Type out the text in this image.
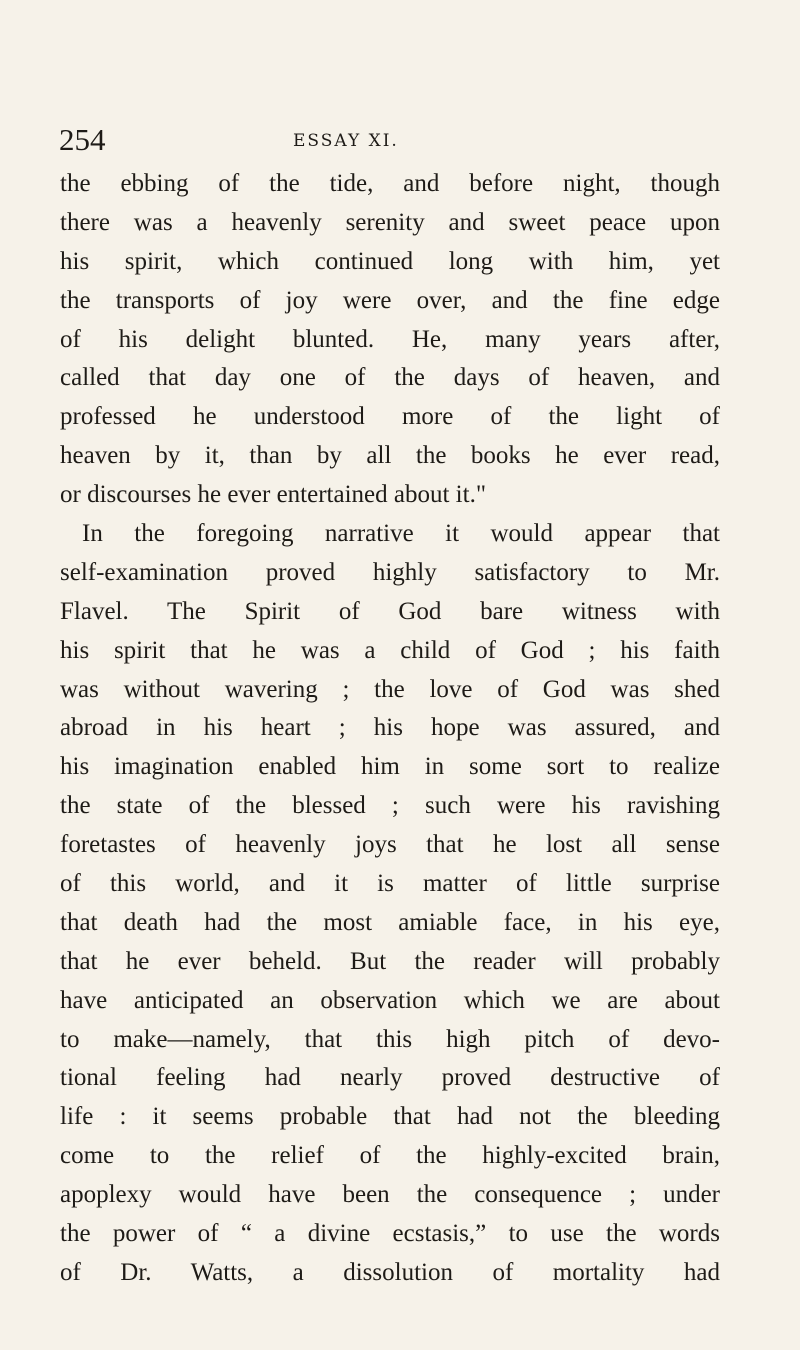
254	ESSAY XI.
the ebbing of the tide, and before night, though
there was a heavenly serenity and sweet peace upon
his spirit, which continued long with him, yet
the transports of joy were over, and the fine edge
of his delight blunted. He, many years after,
called that day one of the days of heaven, and
professed he understood more of the light of
heaven by it, than by all the books he ever read,
or discourses he ever entertained about it."
In the foregoing narrative it would appear that
self-examination proved highly satisfactory to Mr.
Flavel. The Spirit of God bare witness with
his spirit that he was a child of God ; his faith
was without wavering ; the love of God was shed
abroad in his heart ; his hope was assured, and
his imagination enabled him in some sort to realize
the state of the blessed ; such were his ravishing
foretastes of heavenly joys that he lost all sense
of this world, and it is matter of little surprise
that death had the most amiable face, in his eye,
that he ever beheld. But the reader will probably
have anticipated an observation which we are about
to make—namely, that this high pitch of devo-
tional feeling had nearly proved destructive of
life : it seems probable that had not the bleeding
come to the relief of the highly-excited brain,
apoplexy would have been the consequence ; under
the power of “ a divine ecstasis,” to use the words
of Dr. Watts, a dissolution of mortality had
